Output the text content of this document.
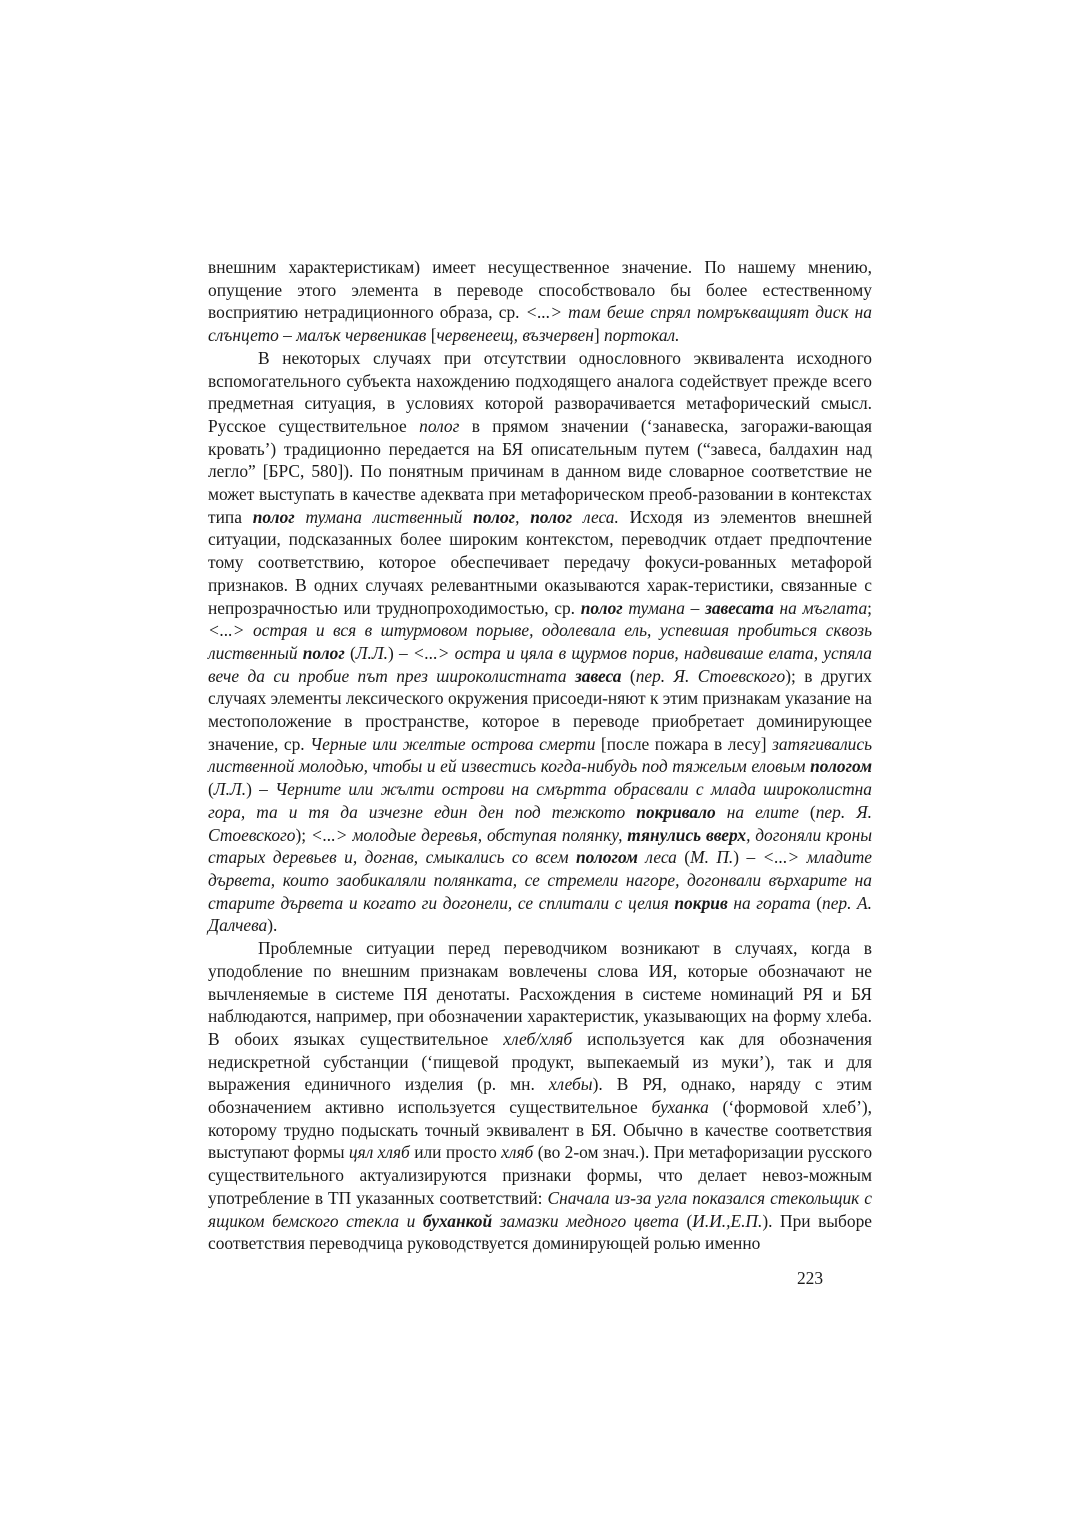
внешним характеристикам) имеет несущественное значение. По нашему мнению, опущение этого элемента в переводе способствовало бы более естественному восприятию нетрадиционного образа, ср. <...> там беше спрял помръкващият диск на слънцето – малък червеникав [червенеещ, възчервен] портокал.

В некоторых случаях при отсутствии однословного эквивалента исходного вспомогательного субъекта нахождению подходящего аналога содействует прежде всего предметная ситуация, в условиях которой разворачивается метафорический смысл. Русское существительное полог в прямом значении (‘занавеска, загоражи-вающая кровать’) традиционно передается на БЯ описательным путем (“завеса, балдахин над легло” [БРС, 580]). По понятным причинам в данном виде словарное соответствие не может выступать в качестве адеквата при метафорическом преоб-разовании в контекстах типа полог тумана лиственный полог, полог леса. Исходя из элементов внешней ситуации, подсказанных более широким контекстом, переводчик отдает предпочтение тому соответствию, которое обеспечивает передачу фокуси-рованных метафорой признаков. В одних случаях релевантными оказываются харак-теристики, связанные с непрозрачностью или труднопроходимостью, ср. полог тумана – завесата на мъглата; <...> острая и вся в штурмовом порыве, одолевала ель, успевшая пробиться сквозь лиственный полог (Л.Л.) – <...> остра и цяла в щурмов порив, надвиваше елата, успяла вече да си пробие път през широколистната завеса (пер. Я. Стоевского); в других случаях элементы лексического окружения присоеди-няют к этим признакам указание на местоположение в пространстве, которое в переводе приобретает доминирующее значение, ср. Черные или желтые острова смерти [после пожара в лесу] затягивались лиственной молодью, чтобы и ей известись когда-нибудь под тяжелым еловым пологом (Л.Л.) – Черните или жълти острови на смъртта обрасвали с млада широколистна гора, та и тя да изчезне един ден под тежкото покривало на елите (пер. Я. Стоевского); <...> молодые деревья, обступая полянку, тянулись вверх, догоняли кроны старых деревьев и, догнав, смыкались со всем пологом леса (М. П.) – <...> младите дървета, които заобикаляли полянката, се стремели нагоре, догонвали върхарите на старите дървета и когато ги догонели, се сплитали с целия покрив на гората (пер. А. Далчева).

Проблемные ситуации перед переводчиком возникают в случаях, когда в уподобление по внешним признакам вовлечены слова ИЯ, которые обозначают не вычленяемые в системе ПЯ денотаты. Расхождения в системе номинаций РЯ и БЯ наблюдаются, например, при обозначении характеристик, указывающих на форму хлеба. В обоих языках существительное хлеб/хляб используется как для обозначения недискретной субстанции (‘пищевой продукт, выпекаемый из муки’), так и для выражения единичного изделия (р. мн. хлебы). В РЯ, однако, наряду с этим обозначением активно используется существительное буханка (‘формовой хлеб’), которому трудно подыскать точный эквивалент в БЯ. Обычно в качестве соответствия выступают формы цял хляб или просто хляб (во 2-ом знач.). При метафоризации русского существительного актуализируются признаки формы, что делает невоз-можным употребление в ТП указанных соответствий: Сначала из-за угла показался стекольщик с ящиком бемского стекла и буханкой замазки медного цвета (И.И.,Е.П.). При выборе соответствия переводчица руководствуется доминирующей ролью именно

223
